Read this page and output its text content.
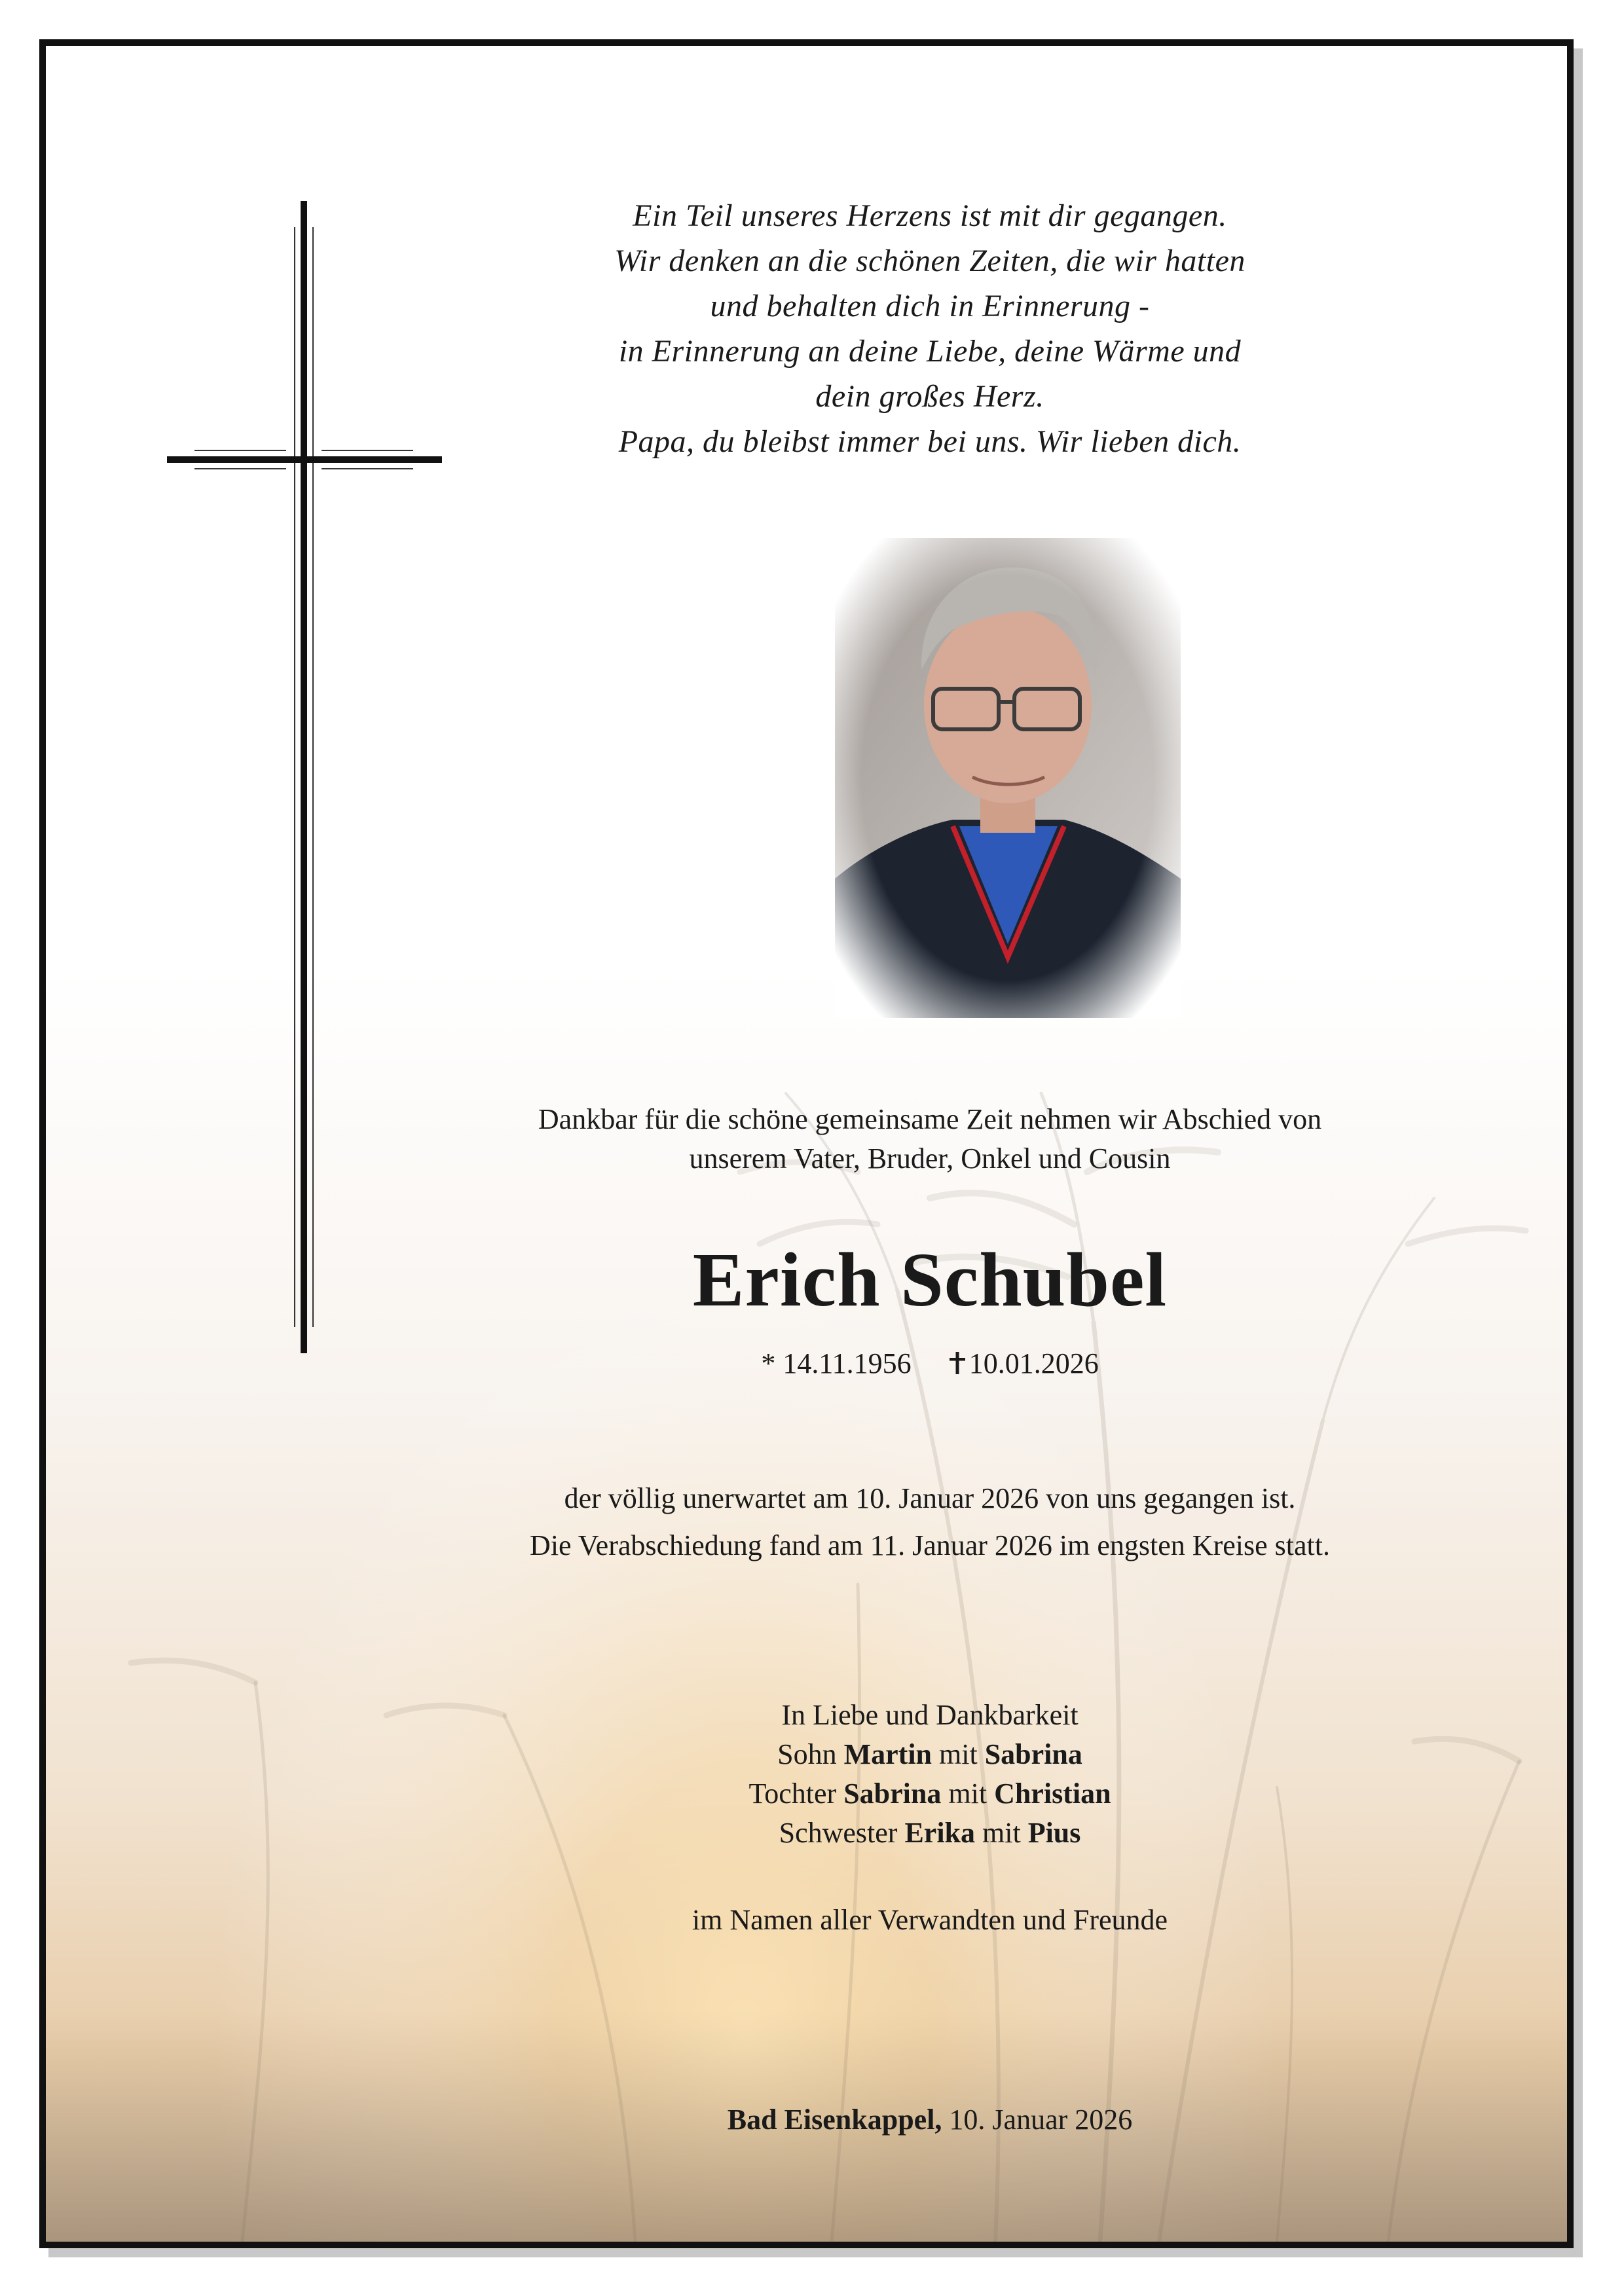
Ein Teil unseres Herzens ist mit dir gegangen.
Wir denken an die schönen Zeiten, die wir hatten
und behalten dich in Erinnerung -
in Erinnerung an deine Liebe, deine Wärme und
dein großes Herz.
Papa, du bleibst immer bei uns. Wir lieben dich.
Dankbar für die schöne gemeinsame Zeit nehmen wir Abschied von
unserem Vater, Bruder, Onkel und Cousin
Erich Schubel
* 14.11.1956 10.01.2026
der völlig unerwartet am 10. Januar 2026 von uns gegangen ist.
Die Verabschiedung fand am 11. Januar 2026 im engsten Kreise statt.
In Liebe und Dankbarkeit
Sohn Martin mit Sabrina
Tochter Sabrina mit Christian
Schwester Erika mit Pius
im Namen aller Verwandten und Freunde
Bad Eisenkappel, 10. Januar 2026
